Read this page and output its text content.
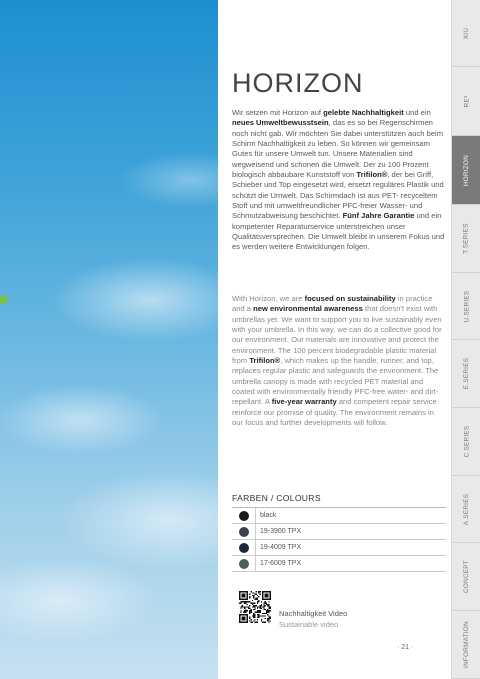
HORIZON

Wir setzen mit Horizon auf gelebte Nachhaltigkeit und ein neues Umweltbewusstsein, das es so bei Regenschirmen noch nicht gab. Wir möchten Sie dabei unterstützen auch beim Schirm Nachhaltigkeit zu leben. So können wir gemeinsam Gutes für unsere Umwelt tun. Unsere Materialien sind wegweisend und schonen die Umwelt. Der zu 100 Prozent biologisch abbaubare Kunststoff von Trifilon®, der bei Griff, Schieber und Top eingesetzt wird, ersetzt reguläres Plastik und schützt die Umwelt. Das Schirmdach ist aus PET- recyceltem Stoff und mit umweltfreundlicher PFC-freier Wasser- und Schmutzabweisung beschichtet. Fünf Jahre Garantie und ein kompetenter Reparaturservice unterstreichen unser Qualitätsversprechen. Die Umwelt bleibt in unserem Fokus und es werden weitere Entwicklungen folgen.

With Horizon, we are focused on sustainability in practice and a new environmental awareness that doesn't exist with umbrellas yet. We want to support you to live sustainably even with your umbrella. In this way, we can do a collective good for our environment. Our materials are innovative and protect the environment. The 100 percent biodegradable plastic material from Trifilon®, which makes up the handle, runner, and top, replaces regular plastic and safeguards the environment. The umbrella canopy is made with recycled PET material and coated with environmentally friendly PFC-free water- and dirt-repellant. A five-year warranty and competent repair service reinforce our promise of quality. The environment remains in our focus and further developments will follow.

FARBEN / COLOURS
black
19-3900 TPX
19-4009 TPX
17-6009 TPX
Nachhaltigkeit Video
Sustainable video
· 21 ·
XIU
RE³
HORIZON
T.SERIES
U.SERIES
E.SERIES
C.SERIES
A.SERIES
CONCEPT
INFORMATION
